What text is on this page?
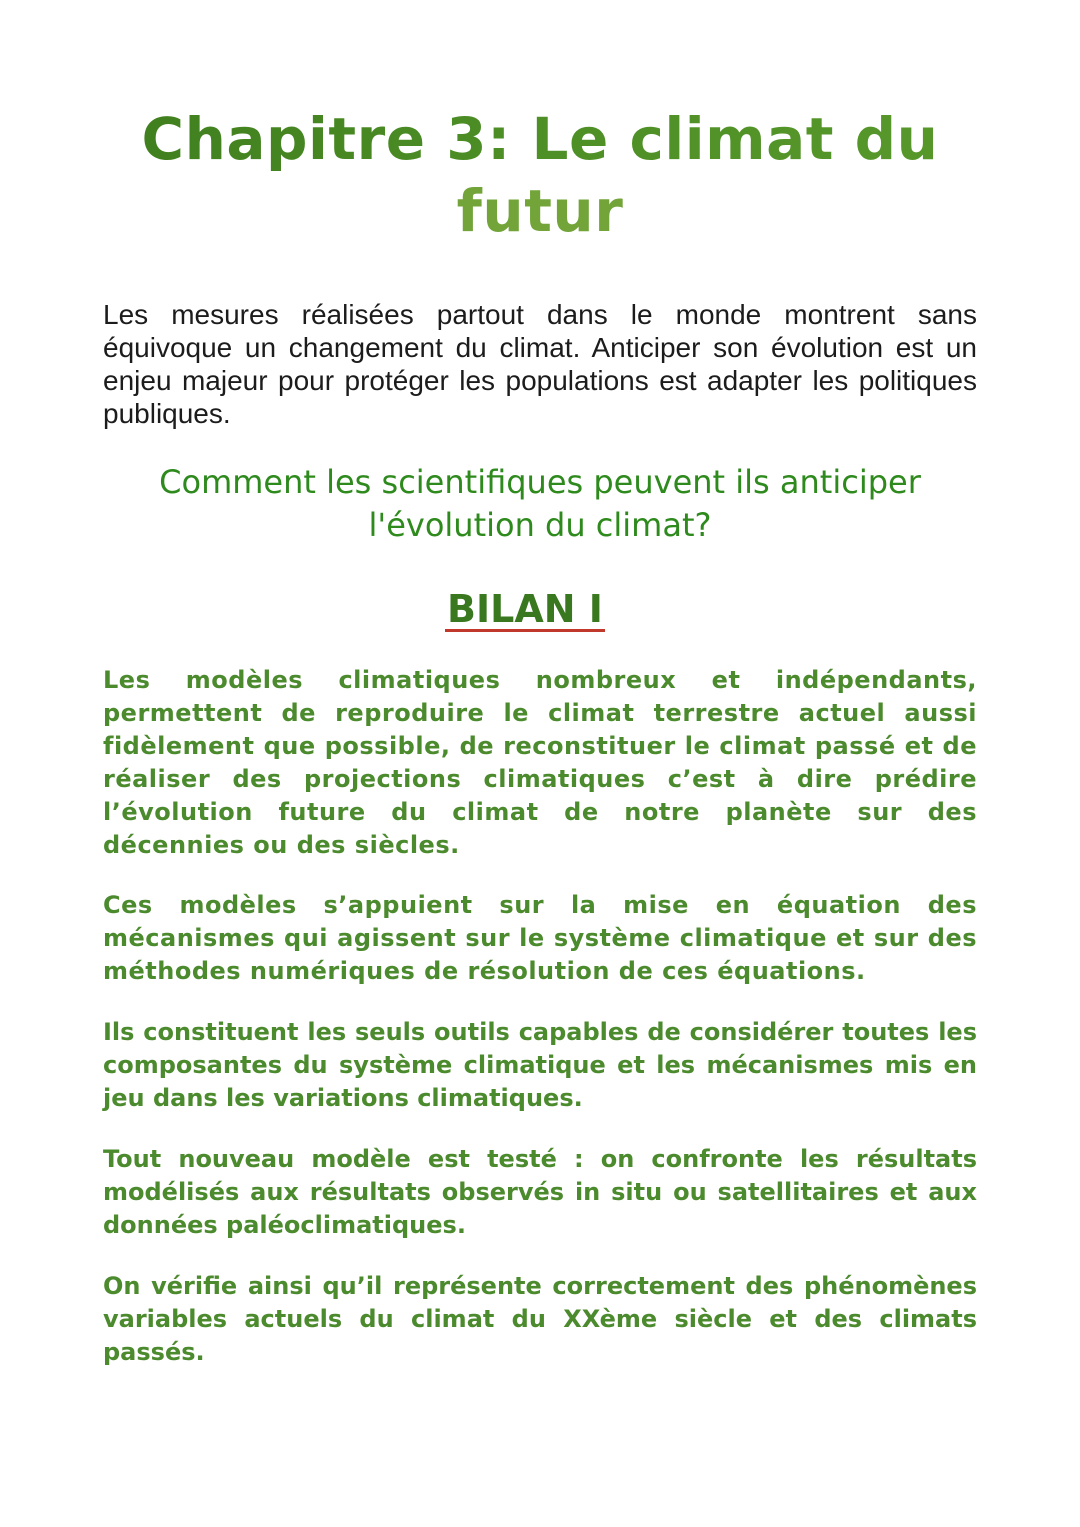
Chapitre 3: Le climat du
futur

Les mesures réalisées partout dans le monde montrent sans équivoque un changement du climat. Anticiper son évolution est un enjeu majeur pour protéger les populations est adapter les politiques publiques.

Comment les scientifiques peuvent ils anticiper
l'évolution du climat?
BILAN I

Les modèles climatiques nombreux et indépendants, permettent de reproduire le climat terrestre actuel aussi fidèlement que possible, de reconstituer le climat passé et de réaliser des projections climatiques c’est à dire prédire l’évolution future du climat de notre planète sur des décennies ou des siècles.

Ces modèles s’appuient sur la mise en équation des mécanismes qui agissent sur le système climatique et sur des méthodes numériques de résolution de ces équations.

Ils constituent les seuls outils capables de considérer toutes les composantes du système climatique et les mécanismes mis en jeu dans les variations climatiques.

Tout nouveau modèle est testé : on confronte les résultats modélisés aux résultats observés in situ ou satellitaires et aux données paléoclimatiques.

On vérifie ainsi qu’il représente correctement des phénomènes variables actuels du climat du XXème siècle et des climats passés.
